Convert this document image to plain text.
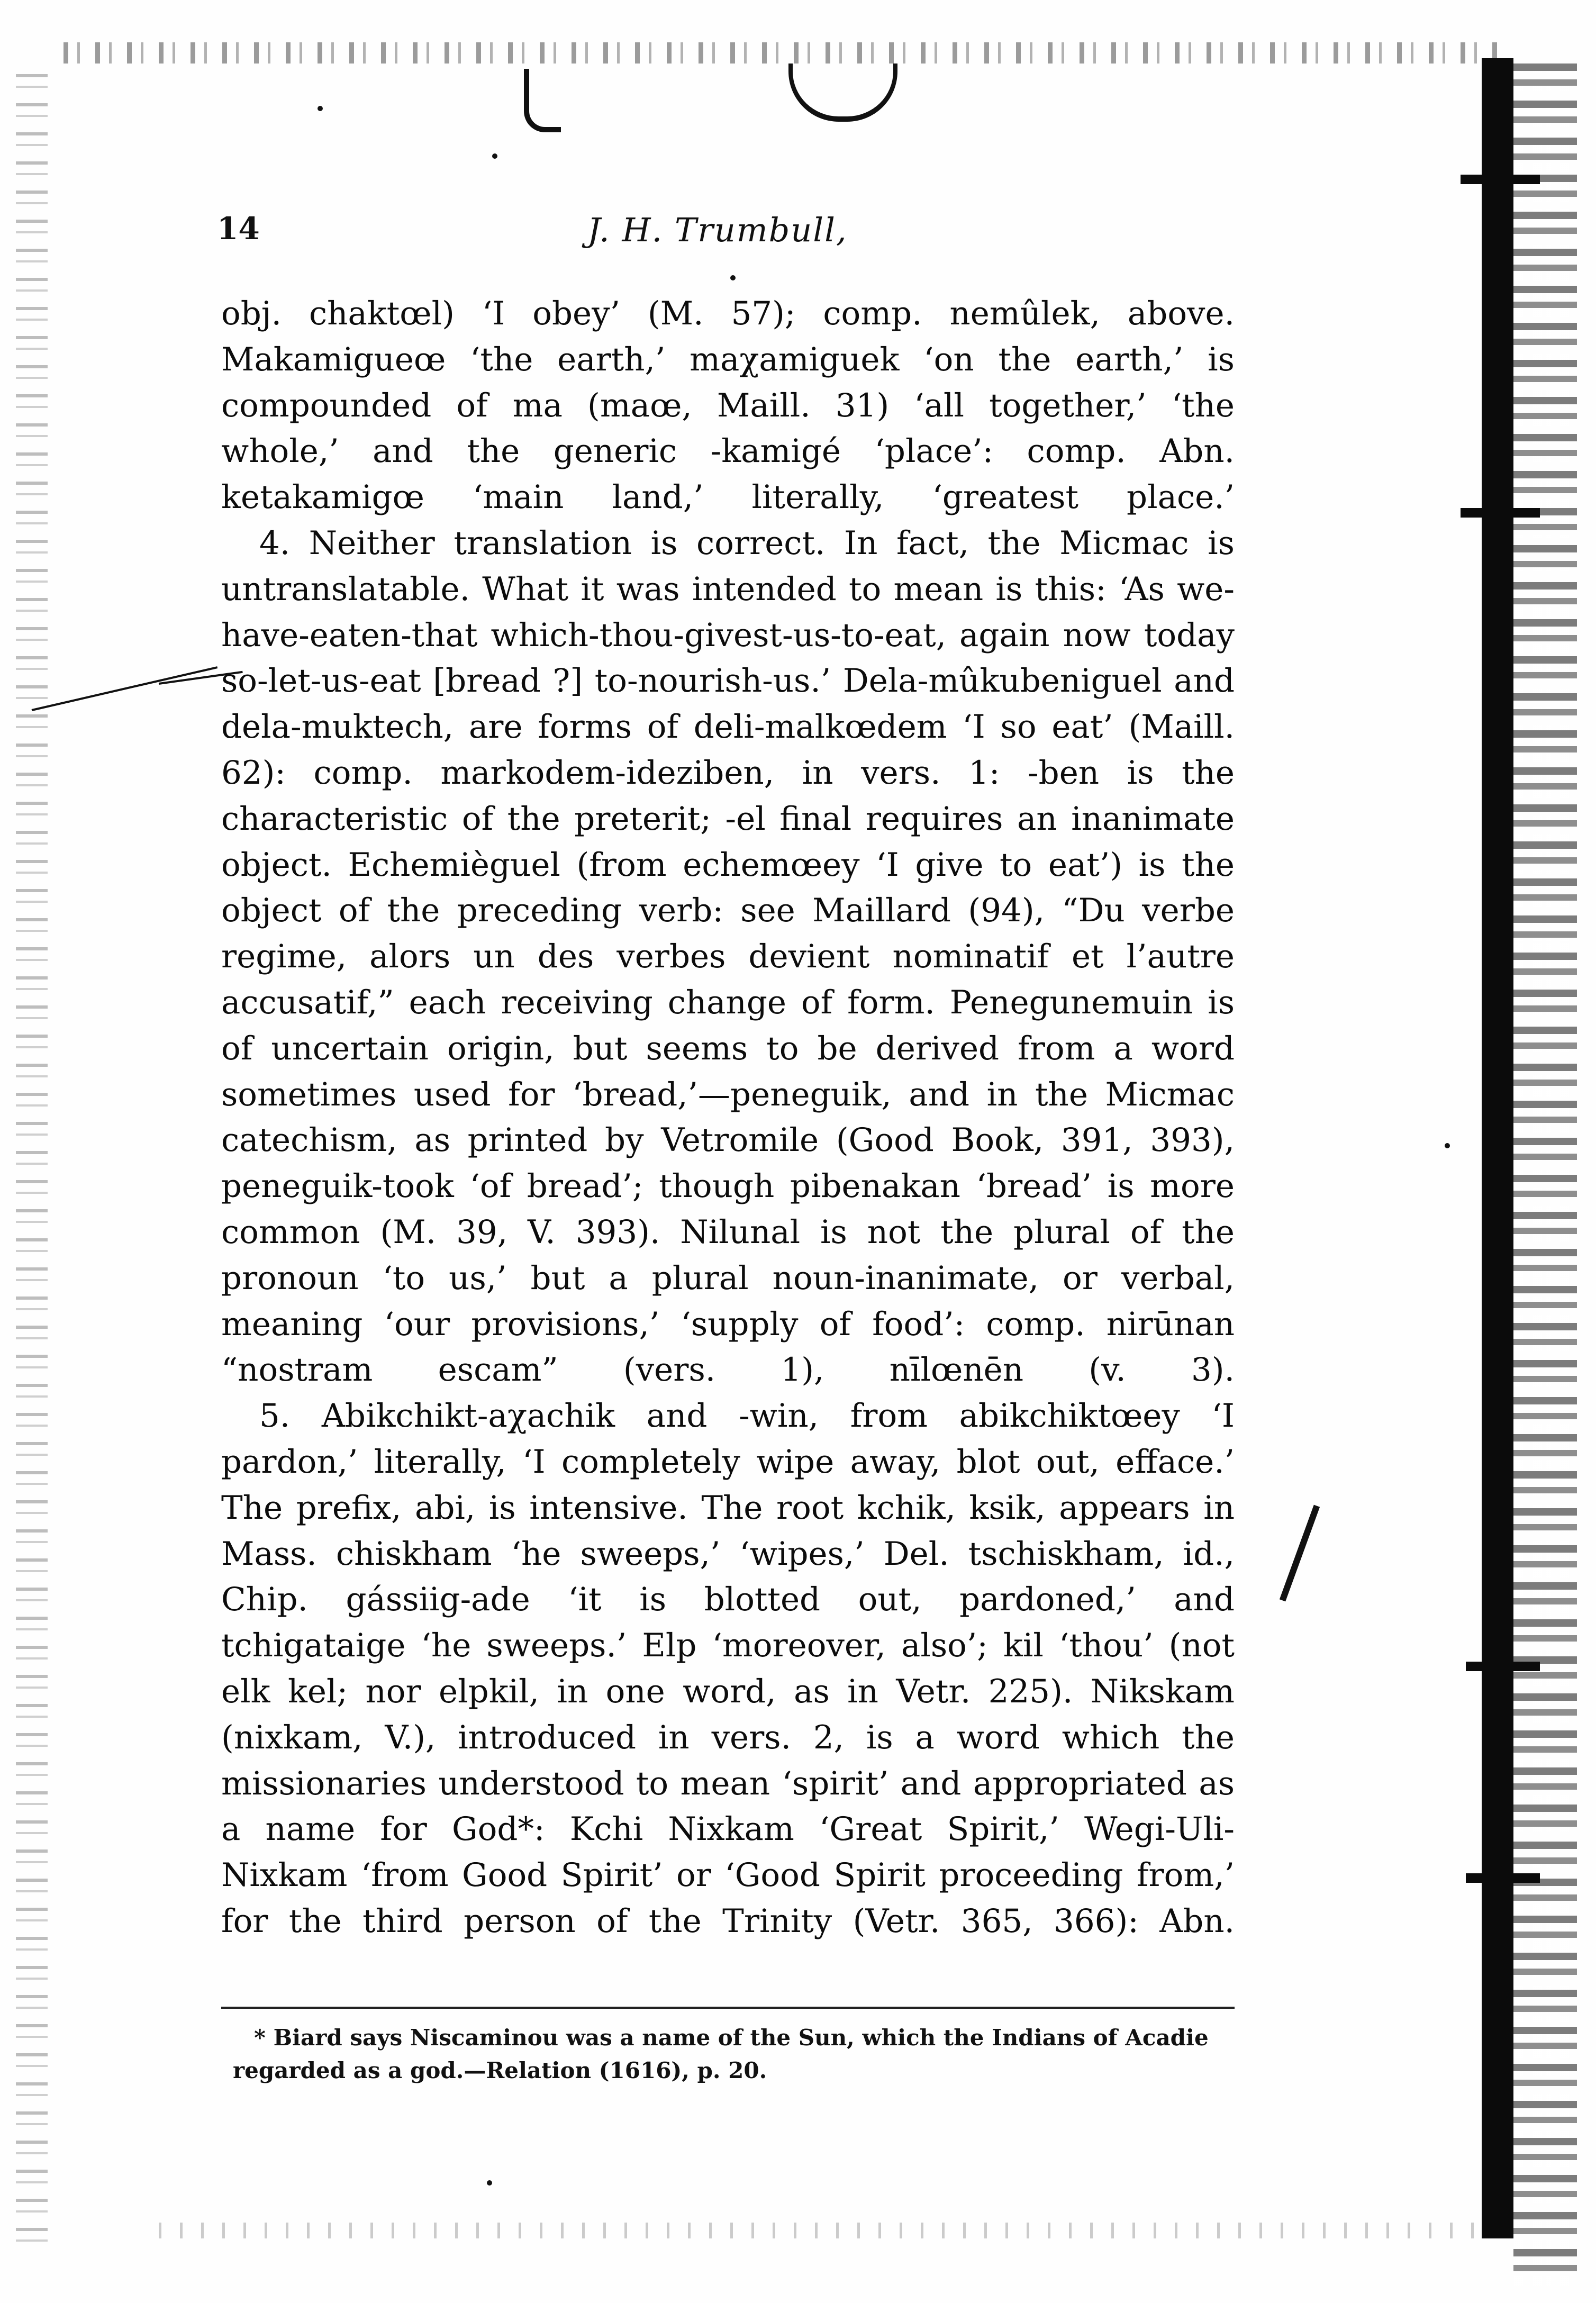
14	J. H. Trumbull,

obj. chaktœl) ‘I obey’ (M. 57); comp. nemûlek, above. Makamigueœ ‘the earth,’ maχamiguek ‘on the earth,’ is compounded of ma (maœ, Maill. 31) ‘all together,’ ‘the whole,’ and the generic -kamigé ‘place’: comp. Abn. ketakamigœ ‘main land,’ literally, ‘greatest place.’

4. Neither translation is correct. In fact, the Micmac is untranslatable. What it was intended to mean is this: ‘As we-have-eaten-that which-thou-givest-us-to-eat, again now today so-let-us-eat [bread ?] to-nourish-us.’ Dela-mûkubeniguel and dela-muktech, are forms of deli-malkœdem ‘I so eat’ (Maill. 62): comp. markodem-ideziben, in vers. 1: -ben is the characteristic of the preterit; -el final requires an inanimate object. Echemièguel (from echemœey ‘I give to eat’) is the object of the preceding verb: see Maillard (94), “Du verbe regime, alors un des verbes devient nominatif et l’autre accusatif,” each receiving change of form. Penegunemuin is of uncertain origin, but seems to be derived from a word sometimes used for ‘bread,’—peneguik, and in the Micmac catechism, as printed by Vetromile (Good Book, 391, 393), peneguik-took ‘of bread’; though pibenakan ‘bread’ is more common (M. 39, V. 393). Nilunal is not the plural of the pronoun ‘to us,’ but a plural noun-inanimate, or verbal, meaning ‘our provisions,’ ‘supply of food’: comp. nirūnan “nostram escam” (vers. 1), nīlœnēn (v. 3).

5. Abikchikt-aχachik and -win, from abikchiktœey ‘I pardon,’ literally, ‘I completely wipe away, blot out, efface.’ The prefix, abi, is intensive. The root kchik, ksik, appears in Mass. chiskham ‘he sweeps,’ ‘wipes,’ Del. tschiskham, id., Chip. gássiig-ade ‘it is blotted out, pardoned,’ and tchigataige ‘he sweeps.’ Elp ‘moreover, also’; kil ‘thou’ (not elk kel; nor elpkil, in one word, as in Vetr. 225). Nikskam (nixkam, V.), introduced in vers. 2, is a word which the missionaries understood to mean ‘spirit’ and appropriated as a name for God*: Kchi Nixkam ‘Great Spirit,’ Wegi-Uli-Nixkam ‘from Good Spirit’ or ‘Good Spirit proceeding from,’ for the third person of the Trinity (Vetr. 365, 366): Abn.

* Biard says Niscaminou was a name of the Sun, which the Indians of Acadie regarded as a god.—Relation (1616), p. 20.
